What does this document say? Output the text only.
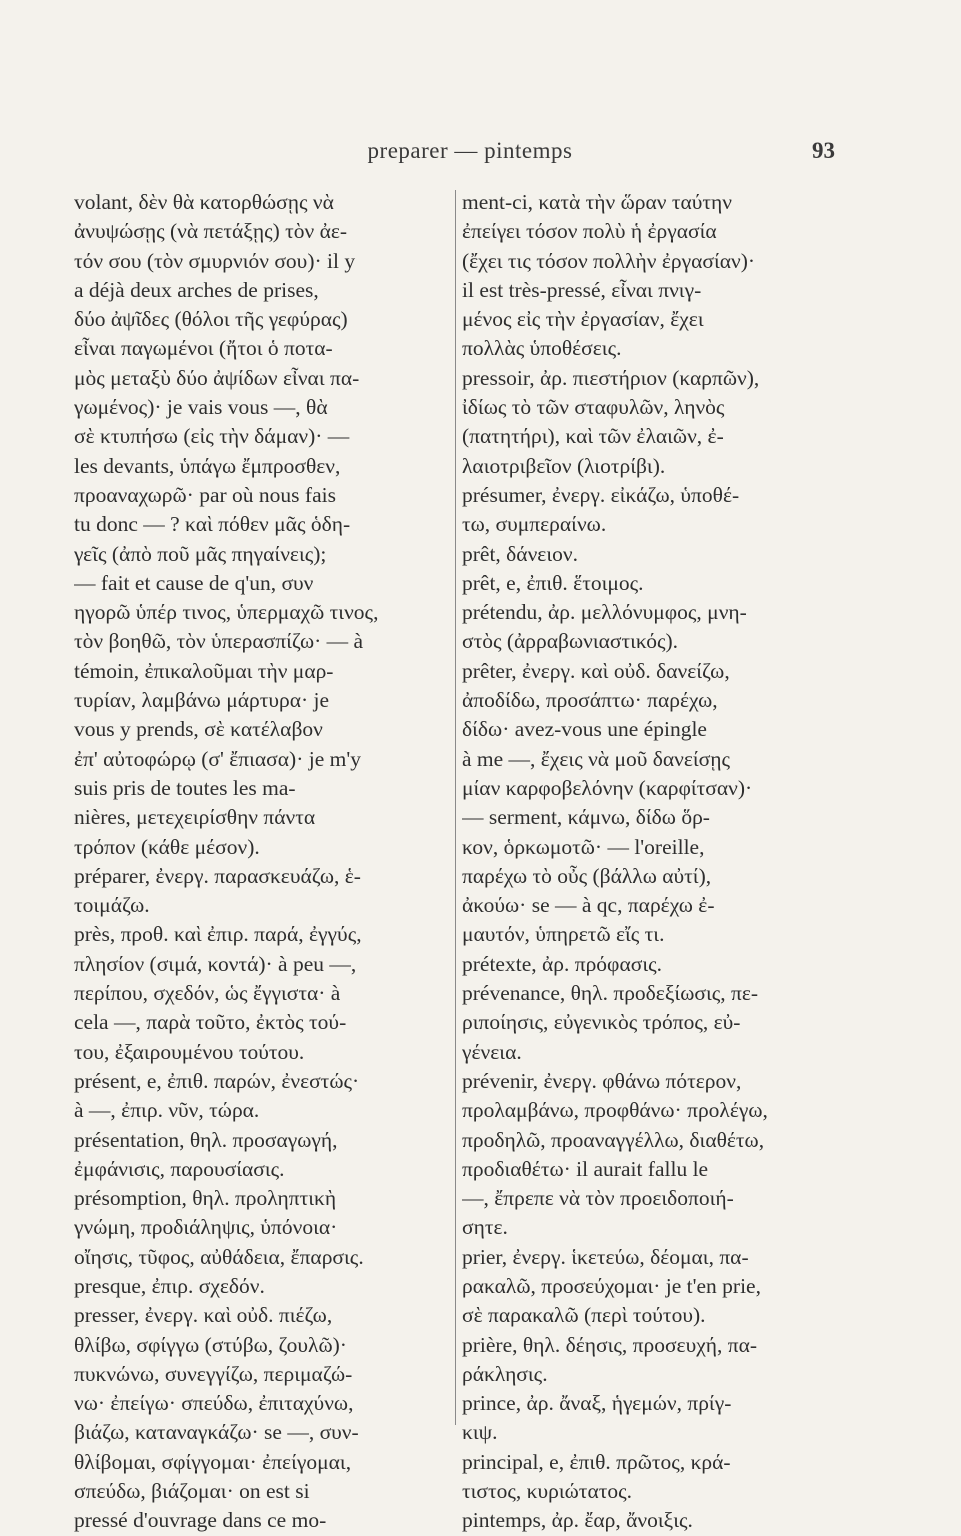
preparer — pintemps	93
volant, δὲν θὰ κατορθώσῃς νὰ
ἀνυψώσῃς (νὰ πετάξῃς) τὸν ἀε-
τόν σου (τὸν σμυρνιόν σου)· il y
a déjà deux arches de prises,
δύο ἀψῖδες (θόλοι τῆς γεφύρας)
εἶναι παγωμένοι (ἤτοι ὁ ποτα-
μὸς μεταξὺ δύο ἀψίδων εἶναι πα-
γωμένος)· je vais vous —, θὰ
σὲ κτυπήσω (εἰς τὴν δάμαν)· —
les devants, ὑπάγω ἔμπροσθεν,
προαναχωρῶ· par où nous fais
tu donc — ? καὶ πόθεν μᾶς ὁδη-
γεῖς (ἀπὸ ποῦ μᾶς πηγαίνεις);
— fait et cause de q'un, συν
ηγορῶ ὑπέρ τινος, ὑπερμαχῶ τινος,
τὸν βοηθῶ, τὸν ὑπερασπίζω· — à
témoin, ἐπικαλοῦμαι τὴν μαρ-
τυρίαν, λαμβάνω μάρτυρα· je
vous y prends, σὲ κατέλαβον
ἐπ' αὐτοφώρῳ (σ' ἔπιασα)· je m'y
suis pris de toutes les ma-
nières, μετεχειρίσθην πάντα
τρόπον (κάθε μέσον).
préparer, ἐνεργ. παρασκευάζω, ἑ-
τοιμάζω.
près, προθ. καὶ ἐπιρ. παρά, ἐγγύς,
πλησίον (σιμά, κοντά)· à peu —,
περίπου, σχεδόν, ὡς ἔγγιστα· à
cela —, παρὰ τοῦτο, ἐκτὸς τού-
του, ἐξαιρουμένου τούτου.
présent, e, ἐπιθ. παρών, ἐνεστώς·
à —, ἐπιρ. νῦν, τώρα.
présentation, θηλ. προσαγωγή,
ἐμφάνισις, παρουσίασις.
présomption, θηλ. προληπτικὴ
γνώμη, προδιάληψις, ὑπόνοια·
οἴησις, τῦφος, αὐθάδεια, ἔπαρσις.
presque, ἐπιρ. σχεδόν.
presser, ἐνεργ. καὶ οὐδ. πιέζω,
θλίβω, σφίγγω (στύβω, ζουλῶ)·
πυκνώνω, συνεγγίζω, περιμαζώ-
νω· ἐπείγω· σπεύδω, ἐπιταχύνω,
βιάζω, καταναγκάζω· se —, συν-
θλίβομαι, σφίγγομαι· ἐπείγομαι,
σπεύδω, βιάζομαι· on est si
pressé d'ouvrage dans ce mo-
ment-ci, κατὰ τὴν ὥραν ταύτην
ἐπείγει τόσον πολὺ ἡ ἐργασία
(ἔχει τις τόσον πολλὴν ἐργασίαν)·
il est très-pressé, εἶναι πνιγ-
μένος εἰς τὴν ἐργασίαν, ἔχει
πολλὰς ὑποθέσεις.
pressoir, ἀρ. πιεστήριον (καρπῶν),
ἰδίως τὸ τῶν σταφυλῶν, ληνὸς
(πατητήρι), καὶ τῶν ἐλαιῶν, ἐ-
λαιοτριβεῖον (λιοτρίβι).
présumer, ἐνεργ. εἰκάζω, ὑποθέ-
τω, συμπεραίνω.
prêt, δάνειον.
prêt, e, ἐπιθ. ἕτοιμος.
prétendu, ἀρ. μελλόνυμφος, μνη-
στὸς (ἀρραβωνιαστικός).
prêter, ἐνεργ. καὶ οὐδ. δανείζω,
ἀποδίδω, προσάπτω· παρέχω,
δίδω· avez-vous une épingle
à me —, ἔχεις νὰ μοῦ δανείσῃς
μίαν καρφοβελόνην (καρφίτσαν)·
— serment, κάμνω, δίδω ὅρ-
κον, ὁρκωμοτῶ· — l'oreille,
παρέχω τὸ οὖς (βάλλω αὐτί),
ἀκούω· se — à qc, παρέχω ἐ-
μαυτόν, ὑπηρετῶ εἴς τι.
prétexte, ἀρ. πρόφασις.
prévenance, θηλ. προδεξίωσις, πε-
ριποίησις, εὐγενικὸς τρόπος, εὐ-
γένεια.
prévenir, ἐνεργ. φθάνω πότερον,
προλαμβάνω, προφθάνω· προλέγω,
προδηλῶ, προαναγγέλλω, διαθέτω,
προδιαθέτω· il aurait fallu le
—, ἔπρεπε νὰ τὸν προειδοποιή-
σητε.
prier, ἐνεργ. ἱκετεύω, δέομαι, πα-
ρακαλῶ, προσεύχομαι· je t'en prie,
σὲ παρακαλῶ (περὶ τούτου).
prière, θηλ. δέησις, προσευχή, πα-
ράκλησις.
prince, ἀρ. ἄναξ, ἡγεμών, πρίγ-
κιψ.
principal, e, ἐπιθ. πρῶτος, κρά-
τιστος, κυριώτατος.
pintemps, ἀρ. ἔαρ, ἄνοιξις.
